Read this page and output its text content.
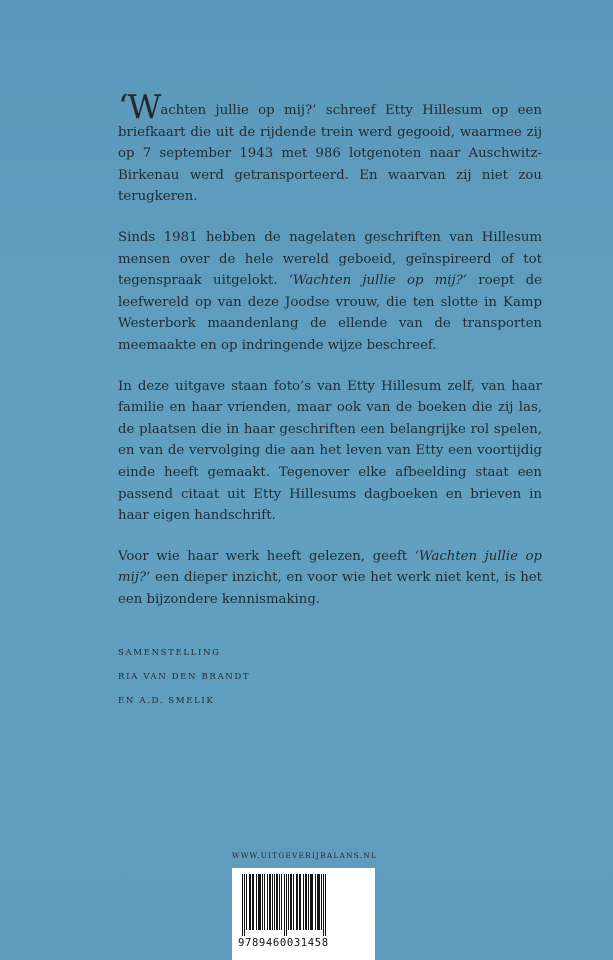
‘Wachten jullie op mij?’ schreef Etty Hillesum op een briefkaart die uit de rijdende trein werd gegooid, waarmee zij op 7 september 1943 met 986 lotgenoten naar Auschwitz-Birkenau werd getransporteerd. En waarvan zij niet zou terugkeren.

Sinds 1981 hebben de nagelaten geschriften van Hillesum mensen over de hele wereld geboeid, geïnspireerd of tot tegenspraak uitgelokt. ‘Wachten jullie op mij?’ roept de leefwereld op van deze Joodse vrouw, die ten slotte in Kamp Westerbork maandenlang de ellende van de transporten meemaakte en op indringende wijze beschreef.

In deze uitgave staan foto’s van Etty Hillesum zelf, van haar familie en haar vrienden, maar ook van de boeken die zij las, de plaatsen die in haar geschriften een belangrijke rol spelen, en van de vervolging die aan het leven van Etty een voortijdig einde heeft gemaakt. Tegenover elke afbeelding staat een passend citaat uit Etty Hillesums dagboeken en brieven in haar eigen handschrift.

Voor wie haar werk heeft gelezen, geeft ‘Wachten jullie op mij?’ een dieper inzicht, en voor wie het werk niet kent, is het een bijzondere kennismaking.

SAMENSTELLING
RIA VAN DEN BRANDT
EN A.D. SMELIK
WWW.UITGEVERIJBALANS.NL
9789460031458
